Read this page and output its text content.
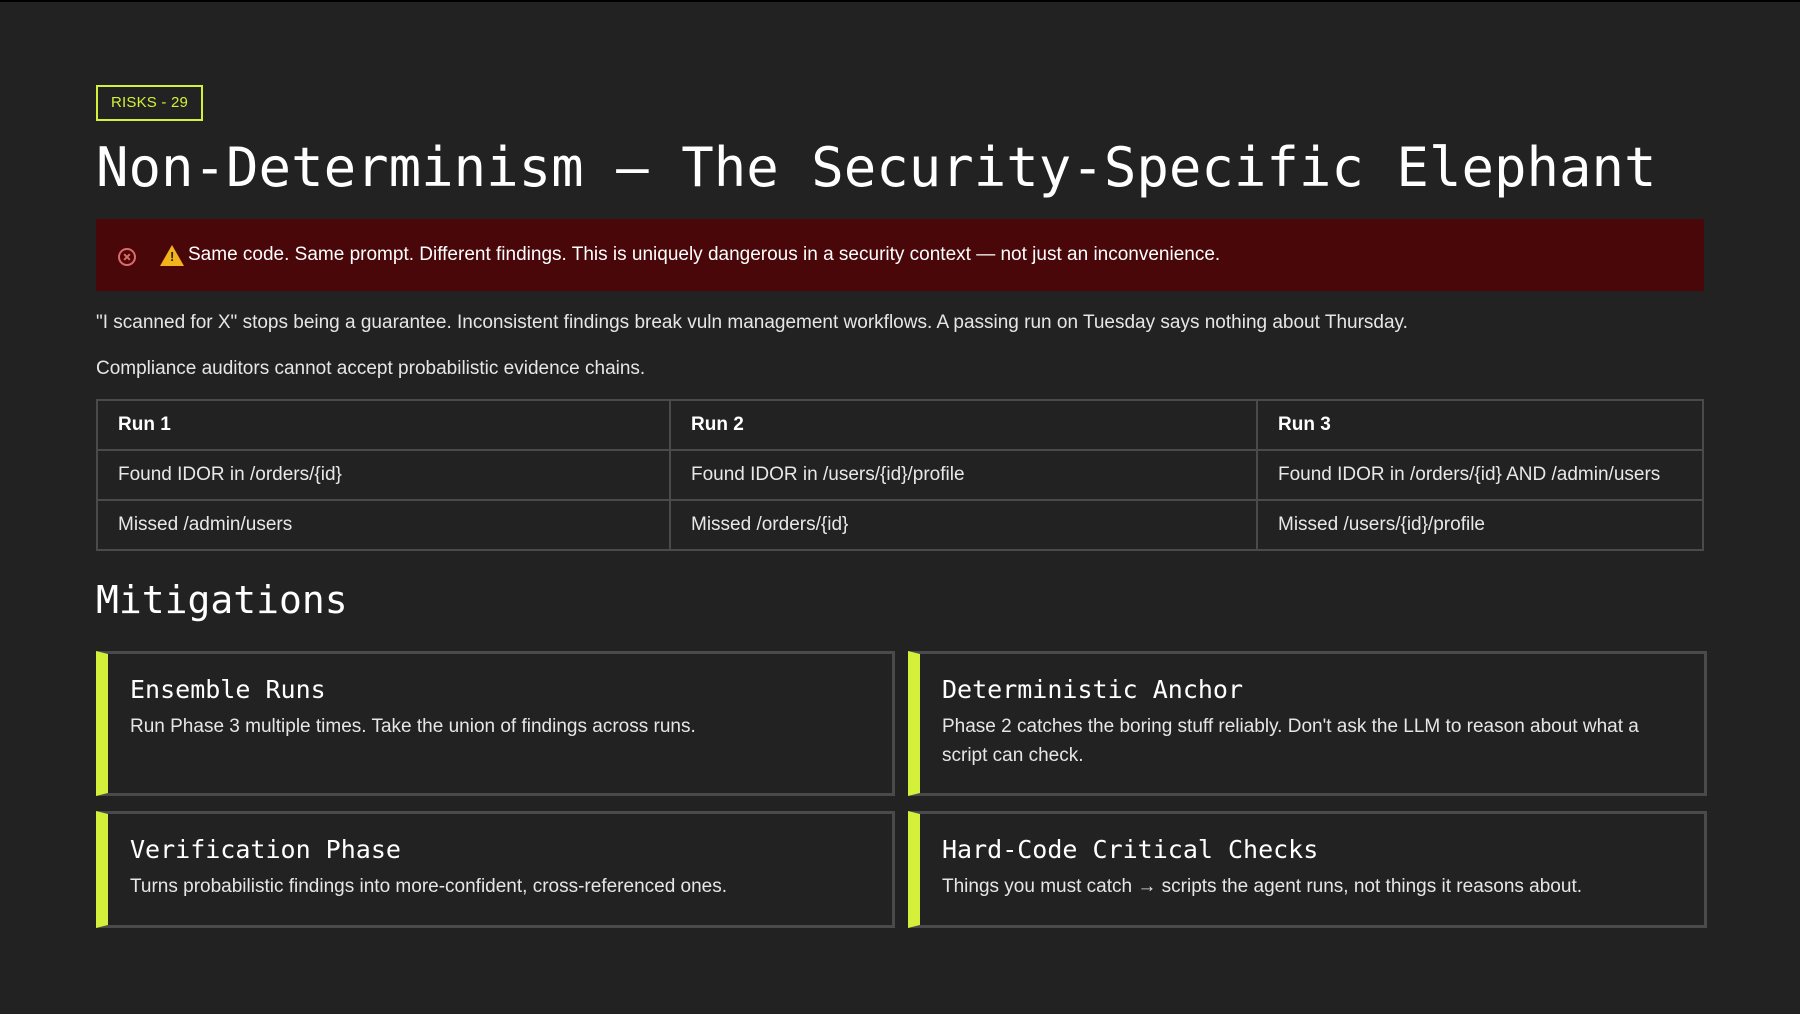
RISKS - 29
Non-Determinism — The Security-Specific Elephant
! Same code. Same prompt. Different findings. This is uniquely dangerous in a security context — not just an inconvenience.

"I scanned for X" stops being a guarantee. Inconsistent findings break vuln management workflows. A passing run on Tuesday says nothing about Thursday.

Compliance auditors cannot accept probabilistic evidence chains.

Run 1	Run 2	Run 3
Found IDOR in /orders/{id}	Found IDOR in /users/{id}/profile	Found IDOR in /orders/{id} AND /admin/users
Missed /admin/users	Missed /orders/{id}	Missed /users/{id}/profile
Mitigations
Ensemble Runs
Run Phase 3 multiple times. Take the union of findings across runs.
Deterministic Anchor
Phase 2 catches the boring stuff reliably. Don't ask the LLM to reason about what a script can check.
Verification Phase
Turns probabilistic findings into more-confident, cross-referenced ones.
Hard-Code Critical Checks
Things you must catch → scripts the agent runs, not things it reasons about.
